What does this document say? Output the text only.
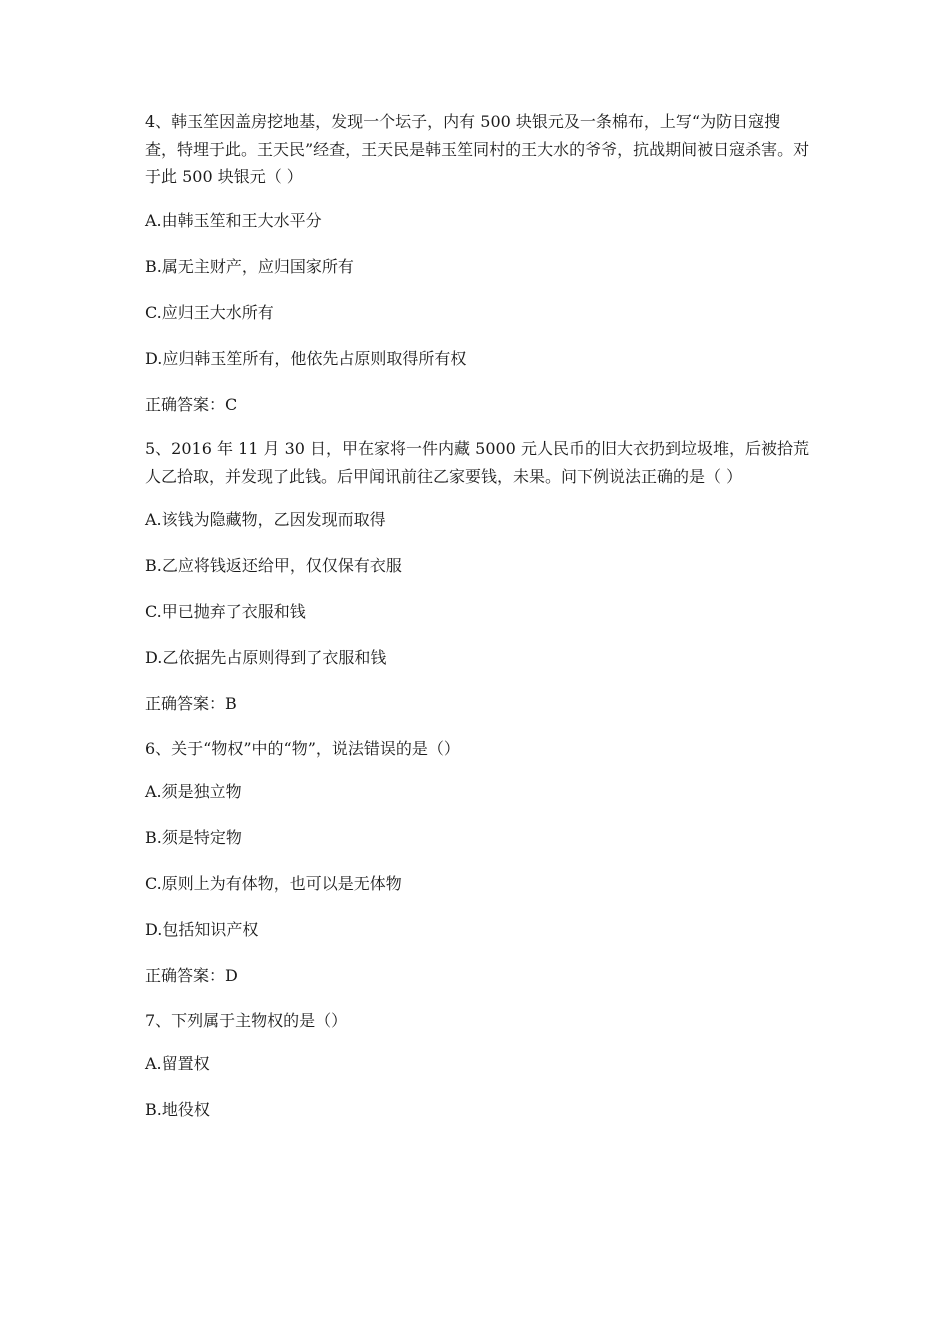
4、韩玉笙因盖房挖地基，发现一个坛子，内有 500 块银元及一条棉布，上写“为防日寇搜查，特埋于此。王天民”经查，王天民是韩玉笙同村的王大水的爷爷，抗战期间被日寇杀害。对于此 500 块银元（ ）

A.由韩玉笙和王大水平分

B.属无主财产，应归国家所有

C.应归王大水所有

D.应归韩玉笙所有，他依先占原则取得所有权

正确答案：C

5、2016 年 11 月 30 日，甲在家将一件内藏 5000 元人民币的旧大衣扔到垃圾堆，后被拾荒人乙拾取，并发现了此钱。后甲闻讯前往乙家要钱，未果。问下例说法正确的是（ ）

A.该钱为隐藏物，乙因发现而取得

B.乙应将钱返还给甲，仅仅保有衣服

C.甲已抛弃了衣服和钱

D.乙依据先占原则得到了衣服和钱

正确答案：B

6、关于“物权”中的“物”，说法错误的是（）

A.须是独立物

B.须是特定物

C.原则上为有体物，也可以是无体物

D.包括知识产权

正确答案：D

7、下列属于主物权的是（）

A.留置权

B.地役权
